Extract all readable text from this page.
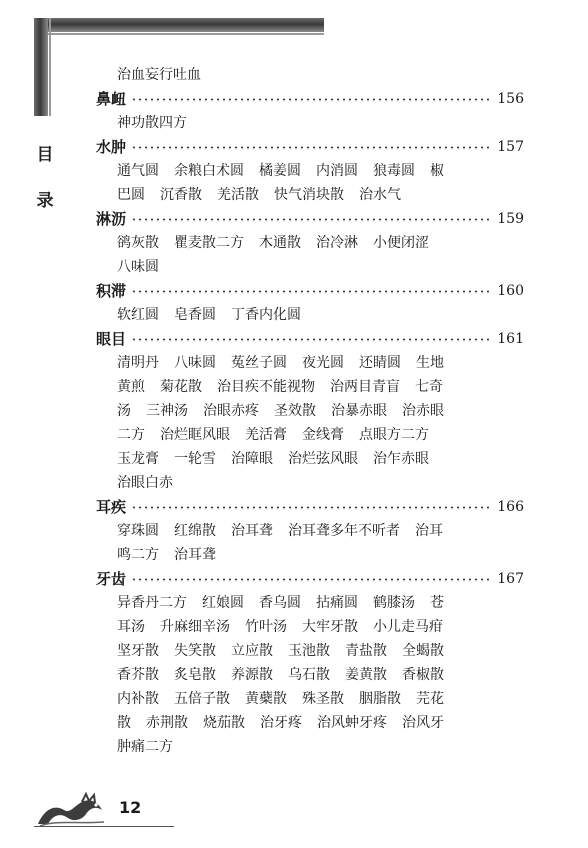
目
录
治血妄行吐血
鼻衄	156
神功散四方
水肿	157
通气圆 余粮白术圆 橘姜圆 内消圆 狼毒圆 椒
巴圆 沉香散 羌活散 快气消块散 治水气
淋沥	159
鹆灰散 瞿麦散二方 木通散 治冷淋 小便闭涩
八味圆
积滞	160
软红圆 皂香圆 丁香内化圆
眼目	161
清明丹 八味圆 菟丝子圆 夜光圆 还睛圆 生地
黄煎 菊花散 治目疾不能视物 治两目青盲 七奇
汤 三神汤 治眼赤疼 圣效散 治暴赤眼 治赤眼
二方 治烂眶风眼 羌活膏 金线膏 点眼方二方
玉龙膏 一轮雪 治障眼 治烂弦风眼 治乍赤眼
治眼白赤
耳疾	166
穿珠圆 红绵散 治耳聋 治耳聋多年不听者 治耳
鸣二方 治耳聋
牙齿	167
异香丹二方 红娘圆 香乌圆 拈痛圆 鹤膝汤 苍
耳汤 升麻细辛汤 竹叶汤 大牢牙散 小儿走马疳
坚牙散 失笑散 立应散 玉池散 青盐散 全蝎散
香芥散 炙皂散 养源散 乌石散 姜黄散 香椒散
内补散 五倍子散 黄蘗散 殊圣散 胭脂散 芫花
散 赤荆散 烧茄散 治牙疼 治风蚛牙疼 治风牙
肿痛二方
12
